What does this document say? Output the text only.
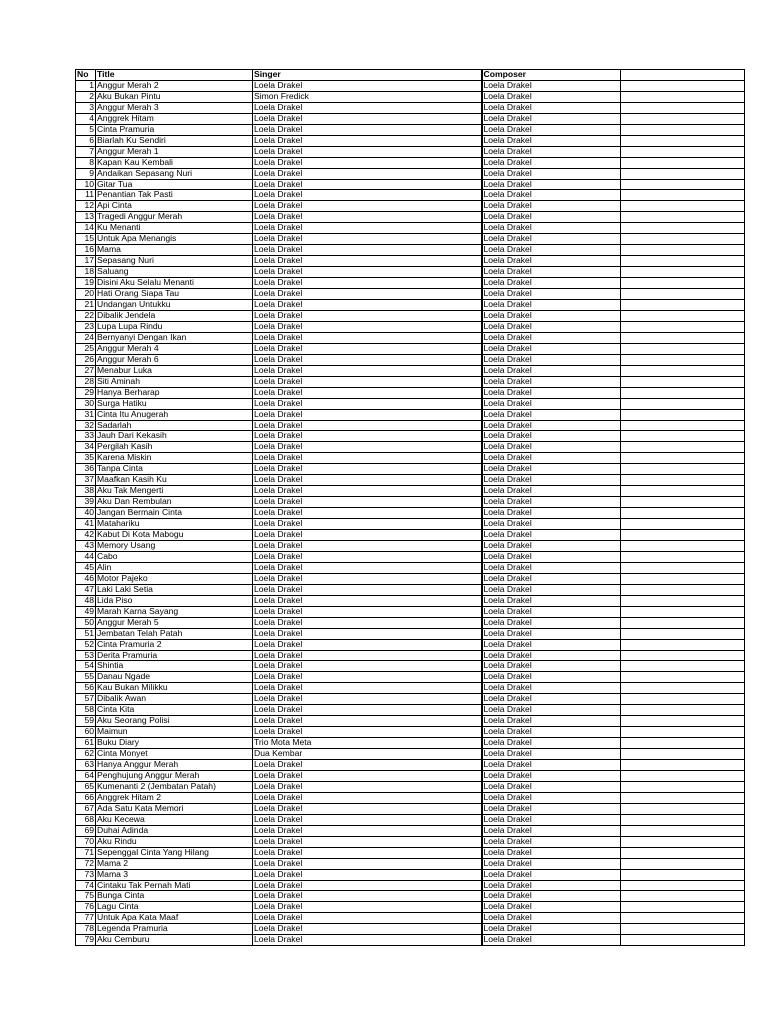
No	Title	Singer	Composer	
1	Anggur Merah 2	Loela Drakel	Loela Drakel	
2	Aku Bukan Pintu	Simon Fredick	Loela Drakel	
3	Anggur Merah 3	Loela Drakel	Loela Drakel	
4	Anggrek Hitam	Loela Drakel	Loela Drakel	
5	Cinta Pramuria	Loela Drakel	Loela Drakel	
6	Biarlah Ku Sendiri	Loela Drakel	Loela Drakel	
7	Anggur Merah 1	Loela Drakel	Loela Drakel	
8	Kapan Kau Kembali	Loela Drakel	Loela Drakel	
9	Andaikan Sepasang Nuri	Loela Drakel	Loela Drakel	
10	Gitar Tua	Loela Drakel	Loela Drakel	
11	Penantian Tak Pasti	Loela Drakel	Loela Drakel	
12	Api Cinta	Loela Drakel	Loela Drakel	
13	Tragedi Anggur Merah	Loela Drakel	Loela Drakel	
14	Ku Menanti	Loela Drakel	Loela Drakel	
15	Untuk Apa Menangis	Loela Drakel	Loela Drakel	
16	Mama	Loela Drakel	Loela Drakel	
17	Sepasang Nuri	Loela Drakel	Loela Drakel	
18	Saluang	Loela Drakel	Loela Drakel	
19	Disini Aku Selalu Menanti	Loela Drakel	Loela Drakel	
20	Hati Orang Siapa Tau	Loela Drakel	Loela Drakel	
21	Undangan Untukku	Loela Drakel	Loela Drakel	
22	Dibalik Jendela	Loela Drakel	Loela Drakel	
23	Lupa Lupa Rindu	Loela Drakel	Loela Drakel	
24	Bernyanyi Dengan Ikan	Loela Drakel	Loela Drakel	
25	Anggur Merah 4	Loela Drakel	Loela Drakel	
26	Anggur Merah 6	Loela Drakel	Loela Drakel	
27	Menabur Luka	Loela Drakel	Loela Drakel	
28	Siti Aminah	Loela Drakel	Loela Drakel	
29	Hanya Berharap	Loela Drakel	Loela Drakel	
30	Surga Hatiku	Loela Drakel	Loela Drakel	
31	Cinta Itu Anugerah	Loela Drakel	Loela Drakel	
32	Sadarlah	Loela Drakel	Loela Drakel	
33	Jauh Dari Kekasih	Loela Drakel	Loela Drakel	
34	Pergilah Kasih	Loela Drakel	Loela Drakel	
35	Karena Miskin	Loela Drakel	Loela Drakel	
36	Tanpa Cinta	Loela Drakel	Loela Drakel	
37	Maafkan Kasih Ku	Loela Drakel	Loela Drakel	
38	Aku Tak Mengerti	Loela Drakel	Loela Drakel	
39	Aku Dan Rembulan	Loela Drakel	Loela Drakel	
40	Jangan Bermain Cinta	Loela Drakel	Loela Drakel	
41	Matahariku	Loela Drakel	Loela Drakel	
42	Kabut Di Kota Mabogu	Loela Drakel	Loela Drakel	
43	Memory Usang	Loela Drakel	Loela Drakel	
44	Cabo	Loela Drakel	Loela Drakel	
45	Alin	Loela Drakel	Loela Drakel	
46	Motor Pajeko	Loela Drakel	Loela Drakel	
47	Laki Laki Setia	Loela Drakel	Loela Drakel	
48	Lida Piso	Loela Drakel	Loela Drakel	
49	Marah Karna Sayang	Loela Drakel	Loela Drakel	
50	Anggur Merah 5	Loela Drakel	Loela Drakel	
51	Jembatan Telah Patah	Loela Drakel	Loela Drakel	
52	Cinta Pramuria 2	Loela Drakel	Loela Drakel	
53	Derita Pramuria	Loela Drakel	Loela Drakel	
54	Shintia	Loela Drakel	Loela Drakel	
55	Danau Ngade	Loela Drakel	Loela Drakel	
56	Kau Bukan Milikku	Loela Drakel	Loela Drakel	
57	Dibalik Awan	Loela Drakel	Loela Drakel	
58	Cinta Kita	Loela Drakel	Loela Drakel	
59	Aku Seorang Polisi	Loela Drakel	Loela Drakel	
60	Maimun	Loela Drakel	Loela Drakel	
61	Buku Diary	Trio Mota Meta	Loela Drakel	
62	Cinta Monyet	Dua Kembar	Loela Drakel	
63	Hanya Anggur Merah	Loela Drakel	Loela Drakel	
64	Penghujung Anggur Merah	Loela Drakel	Loela Drakel	
65	Kumenanti 2 (Jembatan Patah)	Loela Drakel	Loela Drakel	
66	Anggrek Hitam 2	Loela Drakel	Loela Drakel	
67	Ada Satu Kata Memori	Loela Drakel	Loela Drakel	
68	Aku Kecewa	Loela Drakel	Loela Drakel	
69	Duhai Adinda	Loela Drakel	Loela Drakel	
70	Aku Rindu	Loela Drakel	Loela Drakel	
71	Sepenggal Cinta Yang Hilang	Loela Drakel	Loela Drakel	
72	Mama 2	Loela Drakel	Loela Drakel	
73	Mama 3	Loela Drakel	Loela Drakel	
74	Cintaku Tak Pernah Mati	Loela Drakel	Loela Drakel	
75	Bunga Cinta	Loela Drakel	Loela Drakel	
76	Lagu Cinta	Loela Drakel	Loela Drakel	
77	Untuk Apa Kata Maaf	Loela Drakel	Loela Drakel	
78	Legenda Pramuria	Loela Drakel	Loela Drakel	
79	Aku Cemburu	Loela Drakel	Loela Drakel	
